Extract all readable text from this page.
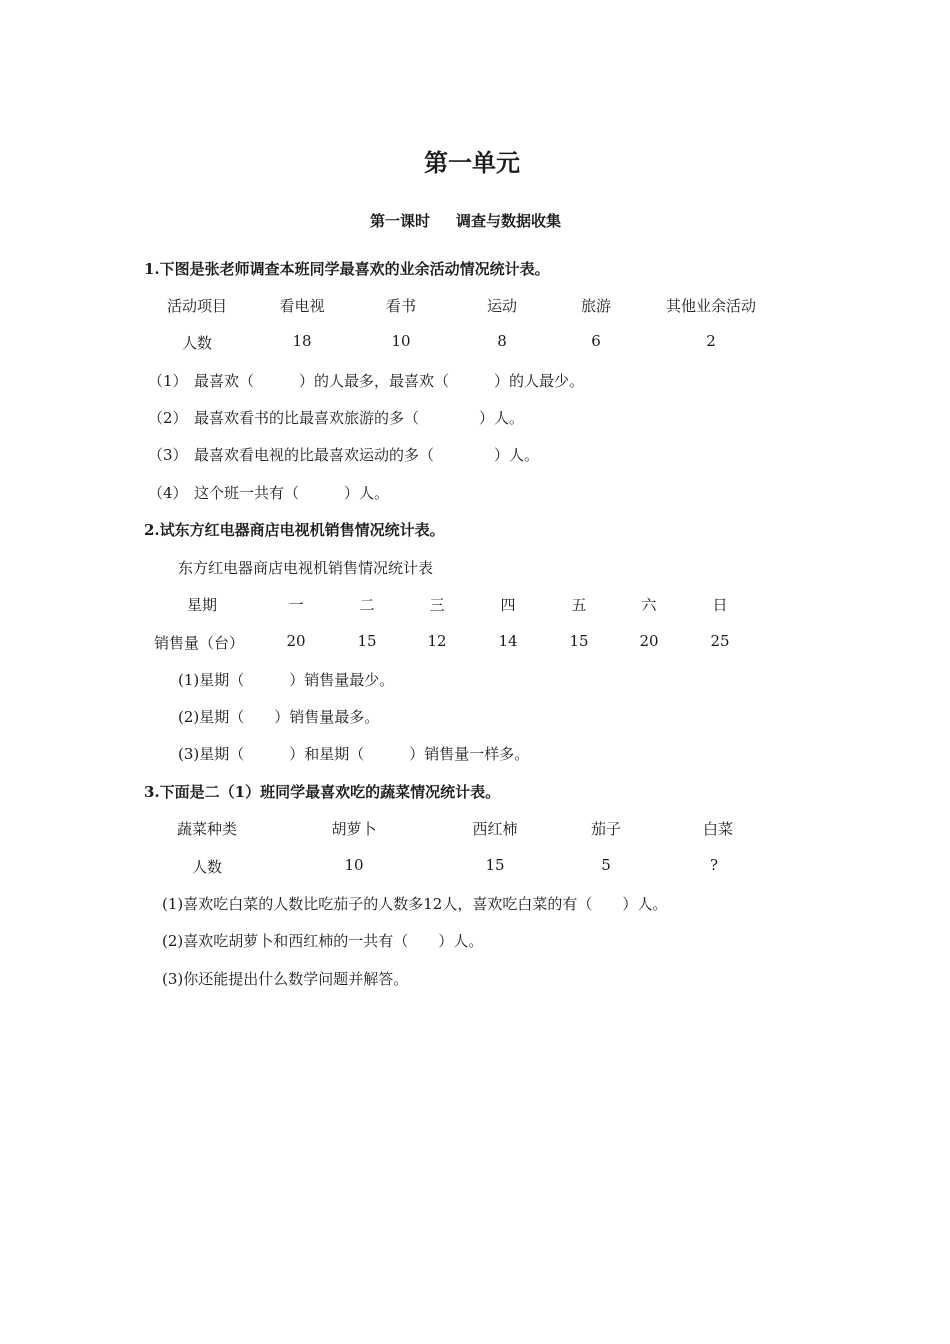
第一单元
第一课时 调查与数据收集
1.下图是张老师调查本班同学最喜欢的业余活动情况统计表。
活动项目	看电视	看书	运动	旅游	其他业余活动
人数	18	10	8	6	2
（1） 最喜欢（　　　）的人最多，最喜欢（　　　）的人最少。
（2） 最喜欢看书的比最喜欢旅游的多（　　　　）人。
（3） 最喜欢看电视的比最喜欢运动的多（　　　　）人。
（4） 这个班一共有（　　　）人。
2.试东方红电器商店电视机销售情况统计表。
东方红电器商店电视机销售情况统计表
星期	一	二	三	四	五	六	日
销售量（台）	20	15	12	14	15	20	25
(1)星期（　　　）销售量最少。
(2)星期（　　）销售量最多。
(3)星期（　　　）和星期（　　　）销售量一样多。
3.下面是二（1）班同学最喜欢吃的蔬菜情况统计表。
蔬菜种类	胡萝卜	西红柿	茄子	白菜
人数	10	15	5	?
(1)喜欢吃白菜的人数比吃茄子的人数多12人，喜欢吃白菜的有（　　）人。
(2)喜欢吃胡萝卜和西红柿的一共有（　　）人。
(3)你还能提出什么数学问题并解答。
